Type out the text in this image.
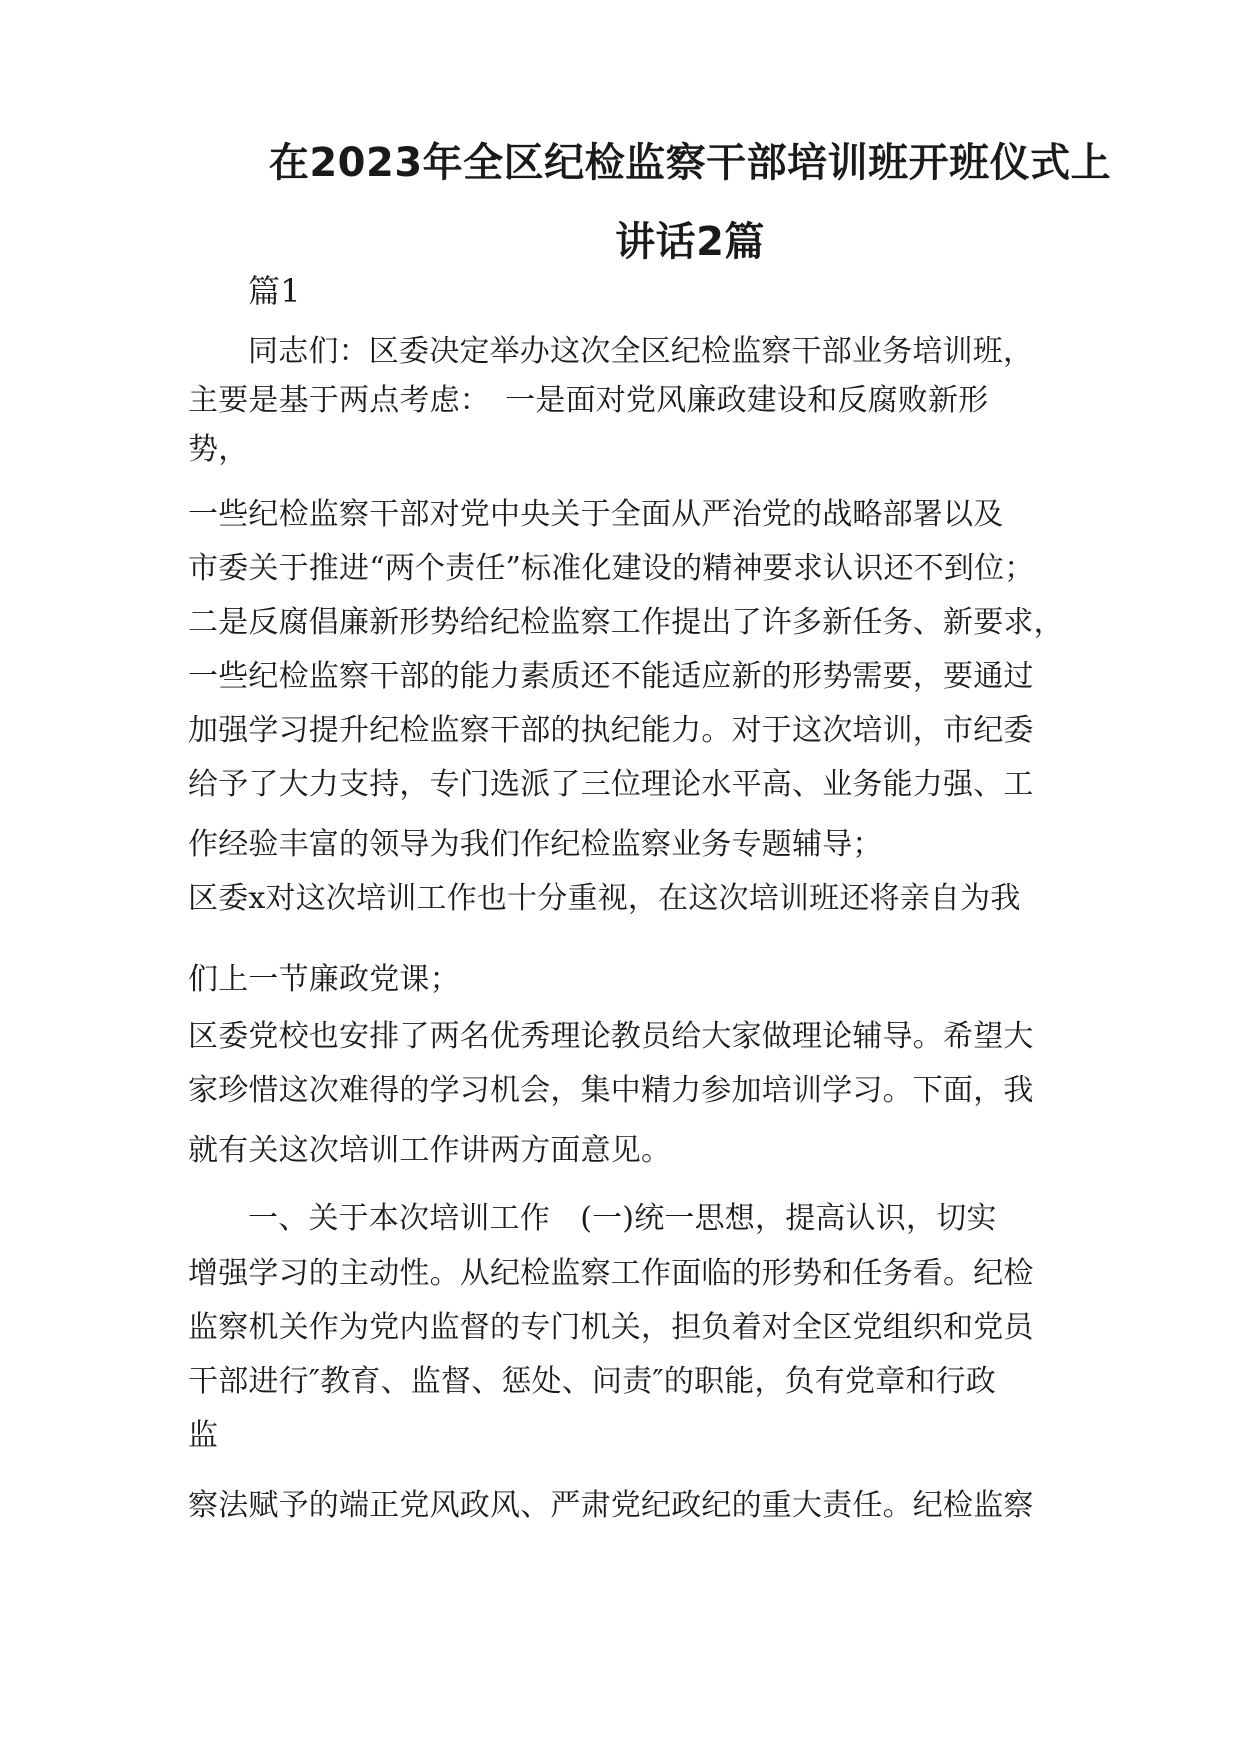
在2023年全区纪检监察干部培训班开班仪式上
讲话2篇
篇1
同志们：区委决定举办这次全区纪检监察干部业务培训班，
主要是基于两点考虑：　一是面对党风廉政建设和反腐败新形
势，
一些纪检监察干部对党中央关于全面从严治党的战略部署以及
市委关于推进“两个责任”标准化建设的精神要求认识还不到位；
二是反腐倡廉新形势给纪检监察工作提出了许多新任务、新要求，
一些纪检监察干部的能力素质还不能适应新的形势需要，要通过
加强学习提升纪检监察干部的执纪能力。对于这次培训，市纪委
给予了大力支持，专门选派了三位理论水平高、业务能力强、工
作经验丰富的领导为我们作纪检监察业务专题辅导；
区委x对这次培训工作也十分重视，在这次培训班还将亲自为我
们上一节廉政党课；
区委党校也安排了两名优秀理论教员给大家做理论辅导。希望大
家珍惜这次难得的学习机会，集中精力参加培训学习。下面，我
就有关这次培训工作讲两方面意见。
一、关于本次培训工作　(一)统一思想，提高认识，切实
增强学习的主动性。从纪检监察工作面临的形势和任务看。纪检
监察机关作为党内监督的专门机关，担负着对全区党组织和党员
干部进行″教育、监督、惩处、问责″的职能，负有党章和行政
监
察法赋予的端正党风政风、严肃党纪政纪的重大责任。纪检监察
